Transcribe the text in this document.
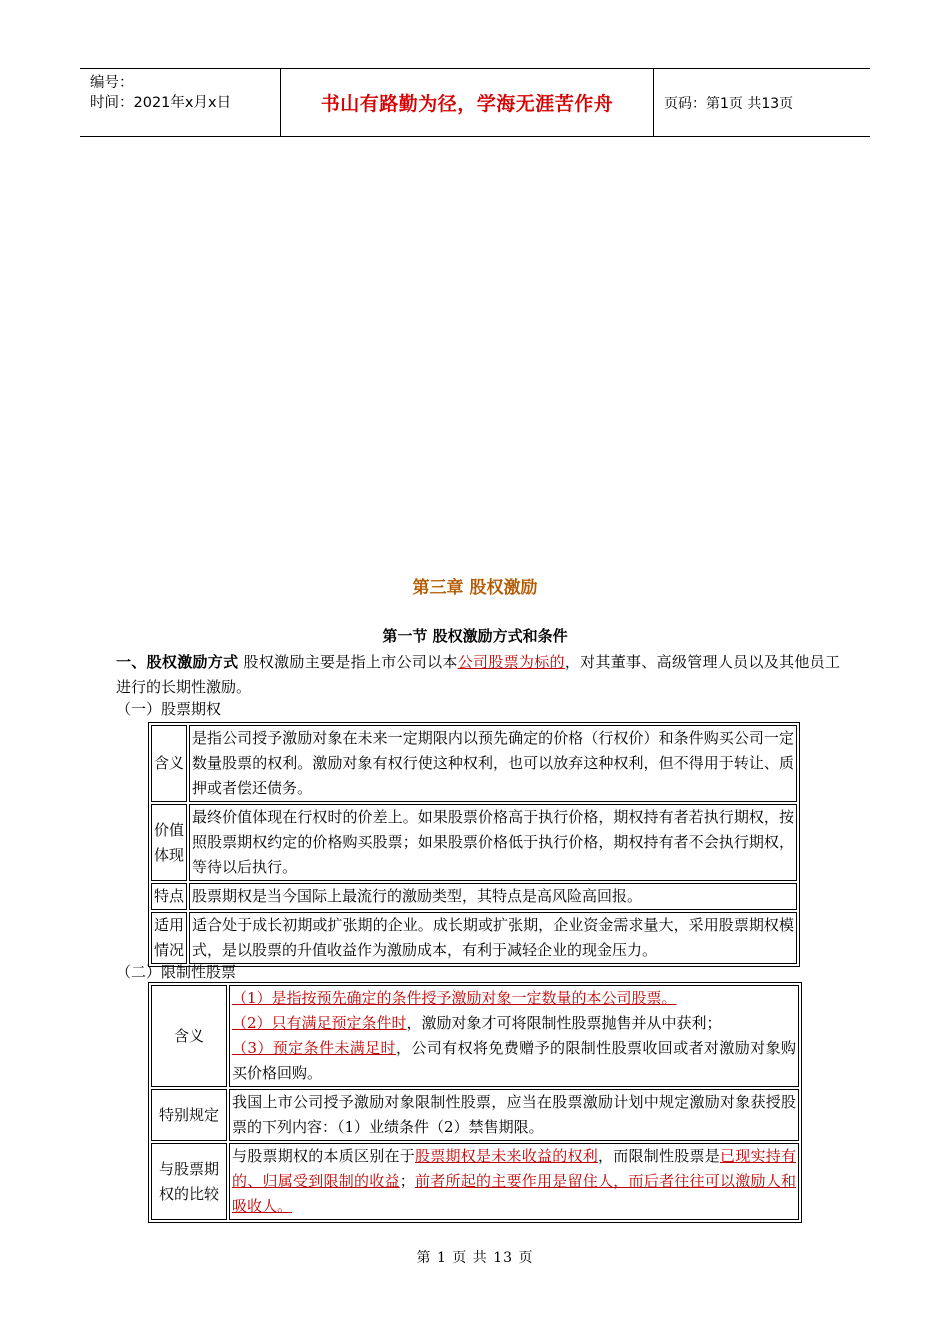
编号：
时间：2021年x月x日	书山有路勤为径，学海无涯苦作舟	页码：第1页 共13页
第三章 股权激励
第一节 股权激励方式和条件
一、股权激励方式 股权激励主要是指上市公司以本公司股票为标的，对其董事、高级管理人员以及其他员工进行的长期性激励。
（一）股票期权
含义	是指公司授予激励对象在未来一定期限内以预先确定的价格（行权价）和条件购买公司一定数量股票的权利。激励对象有权行使这种权利，也可以放弃这种权利，但不得用于转让、质押或者偿还债务。
价值体现	最终价值体现在行权时的价差上。如果股票价格高于执行价格，期权持有者若执行期权，按照股票期权约定的价格购买股票；如果股票价格低于执行价格，期权持有者不会执行期权，等待以后执行。
特点	股票期权是当今国际上最流行的激励类型，其特点是高风险高回报。
适用情况	适合处于成长初期或扩张期的企业。成长期或扩张期，企业资金需求量大，采用股票期权模式，是以股票的升值收益作为激励成本，有利于减轻企业的现金压力。
（二）限制性股票
含义	（1）是指按预先确定的条件授予激励对象一定数量的本公司股票。
（2）只有满足预定条件时，激励对象才可将限制性股票抛售并从中获利；
（3）预定条件未满足时，公司有权将免费赠予的限制性股票收回或者对激励对象购买价格回购。
特别规定	我国上市公司授予激励对象限制性股票，应当在股票激励计划中规定激励对象获授股票的下列内容：（1）业绩条件（2）禁售期限。
与股票期权的比较	与股票期权的本质区别在于股票期权是未来收益的权利，而限制性股票是已现实持有的、归属受到限制的收益；前者所起的主要作用是留住人，而后者往往可以激励人和吸收人。
第 1 页 共 13 页
